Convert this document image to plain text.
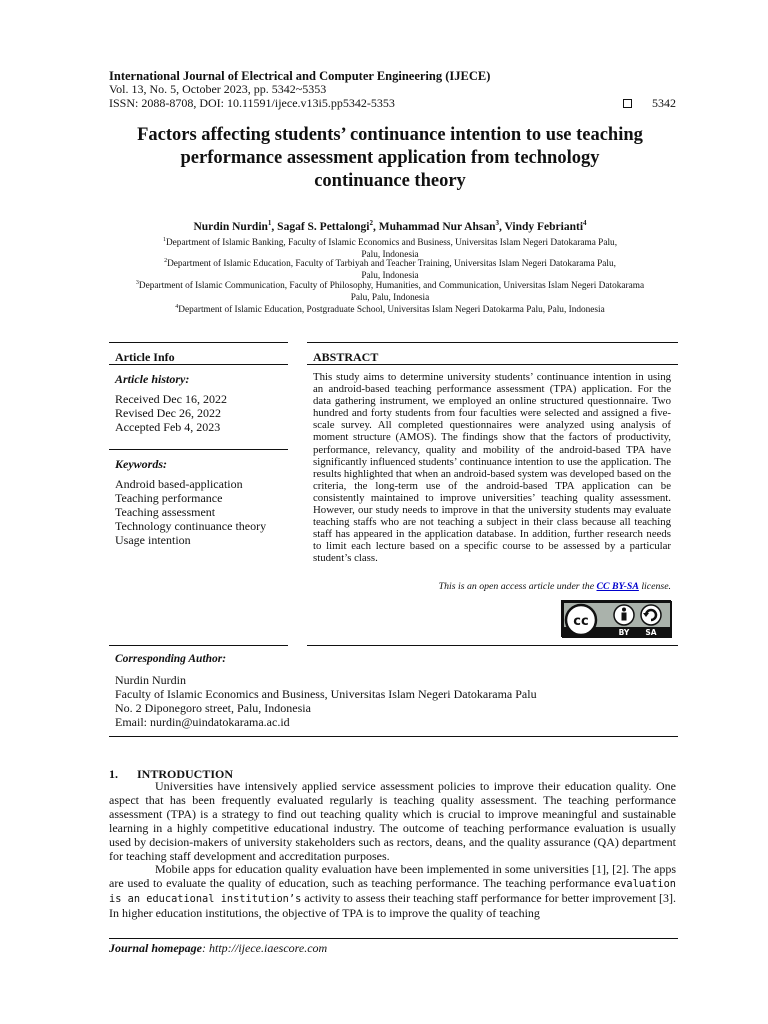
International Journal of Electrical and Computer Engineering (IJECE)
Vol. 13, No. 5, October 2023, pp. 5342~5353
ISSN: 2088-8708, DOI: 10.11591/ijece.v13i5.pp5342-5353	5342
Factors affecting students’ continuance intention to use teaching
performance assessment application from technology
continuance theory
Nurdin Nurdin$^1$, Sagaf S. Pettalongi$^2$, Muhammad Nur Ahsan$^3$, Vindy Febrianti$^4$
$^1$Department of Islamic Banking, Faculty of Islamic Economics and Business, Universitas Islam Negeri Datokarama Palu,
Palu, Indonesia
$^2$Department of Islamic Education, Faculty of Tarbiyah and Teacher Training, Universitas Islam Negeri Datokarama Palu,
Palu, Indonesia
$^3$Department of Islamic Communication, Faculty of Philosophy, Humanities, and Communication, Universitas Islam Negeri Datokarama
Palu, Palu, Indonesia
$^4$Department of Islamic Education, Postgraduate School, Universitas Islam Negeri Datokarma Palu, Palu, Indonesia
Article Info
Article history:
Received Dec 16, 2022
Revised Dec 26, 2022
Accepted Feb 4, 2023
Keywords:
Android based-application
Teaching performance
Teaching assessment
Technology continuance theory
Usage intention
ABSTRACT
This study aims to determine university students’ continuance intention in using an android-based teaching performance assessment (TPA) application. For the data gathering instrument, we employed an online structured questionnaire. Two hundred and forty students from four faculties were selected and assigned a five-scale survey. All completed questionnaires were analyzed using analysis of moment structure (AMOS). The findings show that the factors of productivity, performance, relevancy, quality and mobility of the android-based TPA have significantly influenced students’ continuance intention to use the application. The results highlighted that when an android-based system was developed based on the criteria, the long-term use of the android-based TPA application can be consistently maintained to improve universities’ teaching quality assessment. However, our study needs to improve in that the university students may evaluate teaching staffs who are not teaching a subject in their class because all teaching staff has appeared in the application database. In addition, further research needs to limit each lecture based on a specific course to be assessed by a particular student’s class.
This is an open access article under the CC BY-SA license.
cc
BY SA
Corresponding Author:
Nurdin Nurdin
Faculty of Islamic Economics and Business, Universitas Islam Negeri Datokarama Palu
No. 2 Diponegoro street, Palu, Indonesia
Email: nurdin@uindatokarama.ac.id
1. INTRODUCTION

Universities have intensively applied service assessment policies to improve their education quality. One aspect that has been frequently evaluated regularly is teaching quality assessment. The teaching performance assessment (TPA) is a strategy to find out teaching quality which is crucial to improve meaningful and sustainable learning in a highly competitive educational industry. The outcome of teaching performance evaluation is usually used by decision-makers of university stakeholders such as rectors, deans, and the quality assurance (QA) department for teaching staff development and accreditation purposes.

Mobile apps for education quality evaluation have been implemented in some universities [1], [2]. The apps are used to evaluate the quality of education, such as teaching performance. The teaching performance evaluation is an educational institution’s activity to assess their teaching staff performance for better improvement [3]. In higher education institutions, the objective of TPA is to improve the quality of teaching

Journal homepage: http://ijece.iaescore.com
